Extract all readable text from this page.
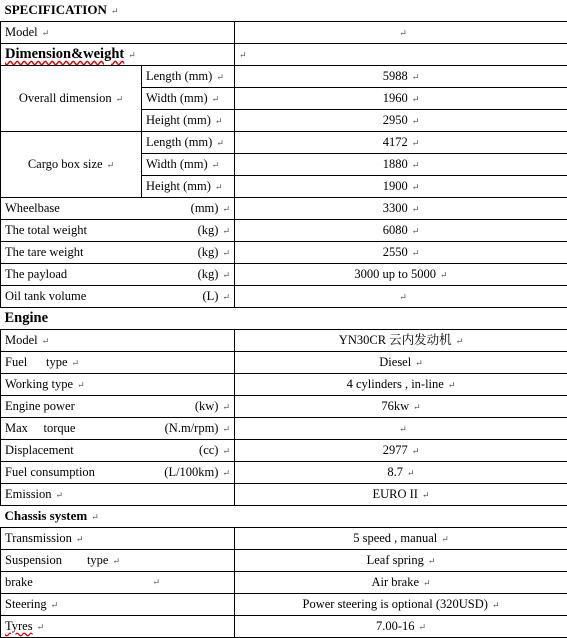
SPECIFICATION ↵		
Model ↵		↵
Dimension&weight ↵		↵
Overall dimension ↵	Length (mm) ↵	5988 ↵
	Width (mm) ↵	1960 ↵
	Height (mm) ↵	2950 ↵
Cargo box size ↵	Length (mm) ↵	4172 ↵
	Width (mm) ↵	1880 ↵
	Height (mm) ↵	1900 ↵

Wheelbase (mm) ↵		3300 ↵

The total weight (kg) ↵		6080 ↵

The tare weight (kg) ↵		2550 ↵

The payload (kg) ↵		3000 up to 5000 ↵

Oil tank volume (L) ↵		↵
Engine		
Model ↵		YN30CR 云内发动机 ↵
Fuel      type ↵		Diesel ↵
Working type ↵		4 cylinders , in-line ↵

Engine power (kw) ↵		76kw ↵

Max     torque (N.m/rpm) ↵		↵

Displacement (cc) ↵		2977 ↵

Fuel consumption (L/100km) ↵		8.7 ↵
Emission ↵		EURO II ↵
Chassis system ↵		
Transmission ↵		5 speed , manual ↵
Suspension        type ↵		Leaf spring ↵

brake ↵		Air brake ↵
Steering ↵		Power steering is optional (320USD) ↵
Tyres ↵		7.00-16 ↵
